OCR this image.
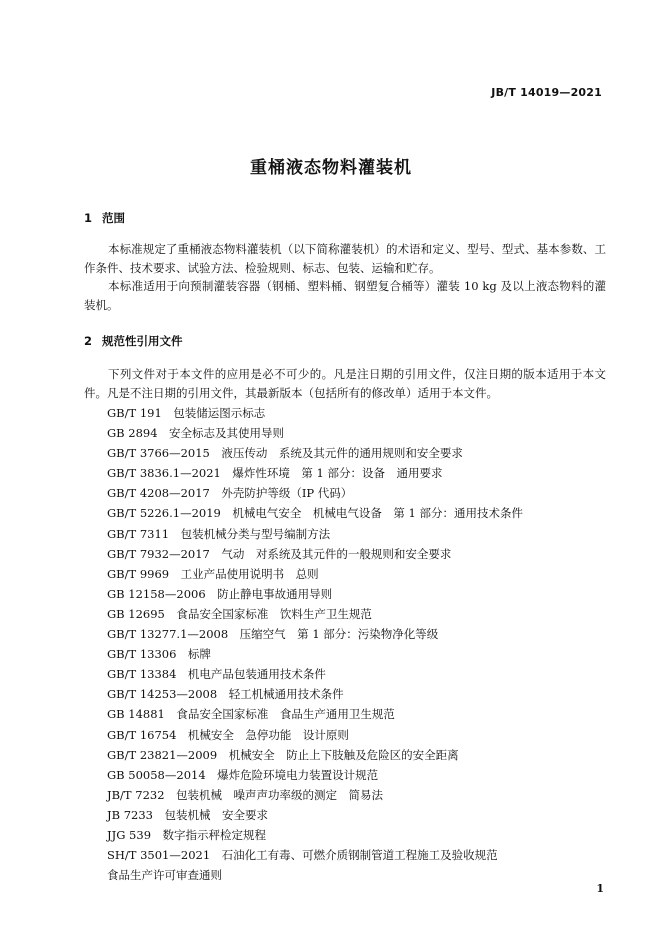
JB/T 14019—2021
重桶液态物料灌装机
1 范围

本标准规定了重桶液态物料灌装机（以下简称灌装机）的术语和定义、型号、型式、基本参数、工作条件、技术要求、试验方法、检验规则、标志、包装、运输和贮存。

本标准适用于向预制灌装容器（钢桶、塑料桶、钢塑复合桶等）灌装 10 kg 及以上液态物料的灌装机。

2 规范性引用文件

下列文件对于本文件的应用是必不可少的。凡是注日期的引用文件，仅注日期的版本适用于本文件。凡是不注日期的引用文件，其最新版本（包括所有的修改单）适用于本文件。

GB/T 191　包装储运图示标志
GB 2894　安全标志及其使用导则
GB/T 3766—2015　液压传动　系统及其元件的通用规则和安全要求
GB/T 3836.1—2021　爆炸性环境　第 1 部分：设备　通用要求
GB/T 4208—2017　外壳防护等级（IP 代码）
GB/T 5226.1—2019　机械电气安全　机械电气设备　第 1 部分：通用技术条件
GB/T 7311　包装机械分类与型号编制方法
GB/T 7932—2017　气动　对系统及其元件的一般规则和安全要求
GB/T 9969　工业产品使用说明书　总则
GB 12158—2006　防止静电事故通用导则
GB 12695　食品安全国家标准　饮料生产卫生规范
GB/T 13277.1—2008　压缩空气　第 1 部分：污染物净化等级
GB/T 13306　标牌
GB/T 13384　机电产品包装通用技术条件
GB/T 14253—2008　轻工机械通用技术条件
GB 14881　食品安全国家标准　食品生产通用卫生规范
GB/T 16754　机械安全　急停功能　设计原则
GB/T 23821—2009　机械安全　防止上下肢触及危险区的安全距离
GB 50058—2014　爆炸危险环境电力装置设计规范
JB/T 7232　包装机械　噪声声功率级的测定　简易法
JB 7233　包装机械　安全要求
JJG 539　数字指示秤检定规程
SH/T 3501—2021　石油化工有毒、可燃介质钢制管道工程施工及验收规范
食品生产许可审查通则
1
